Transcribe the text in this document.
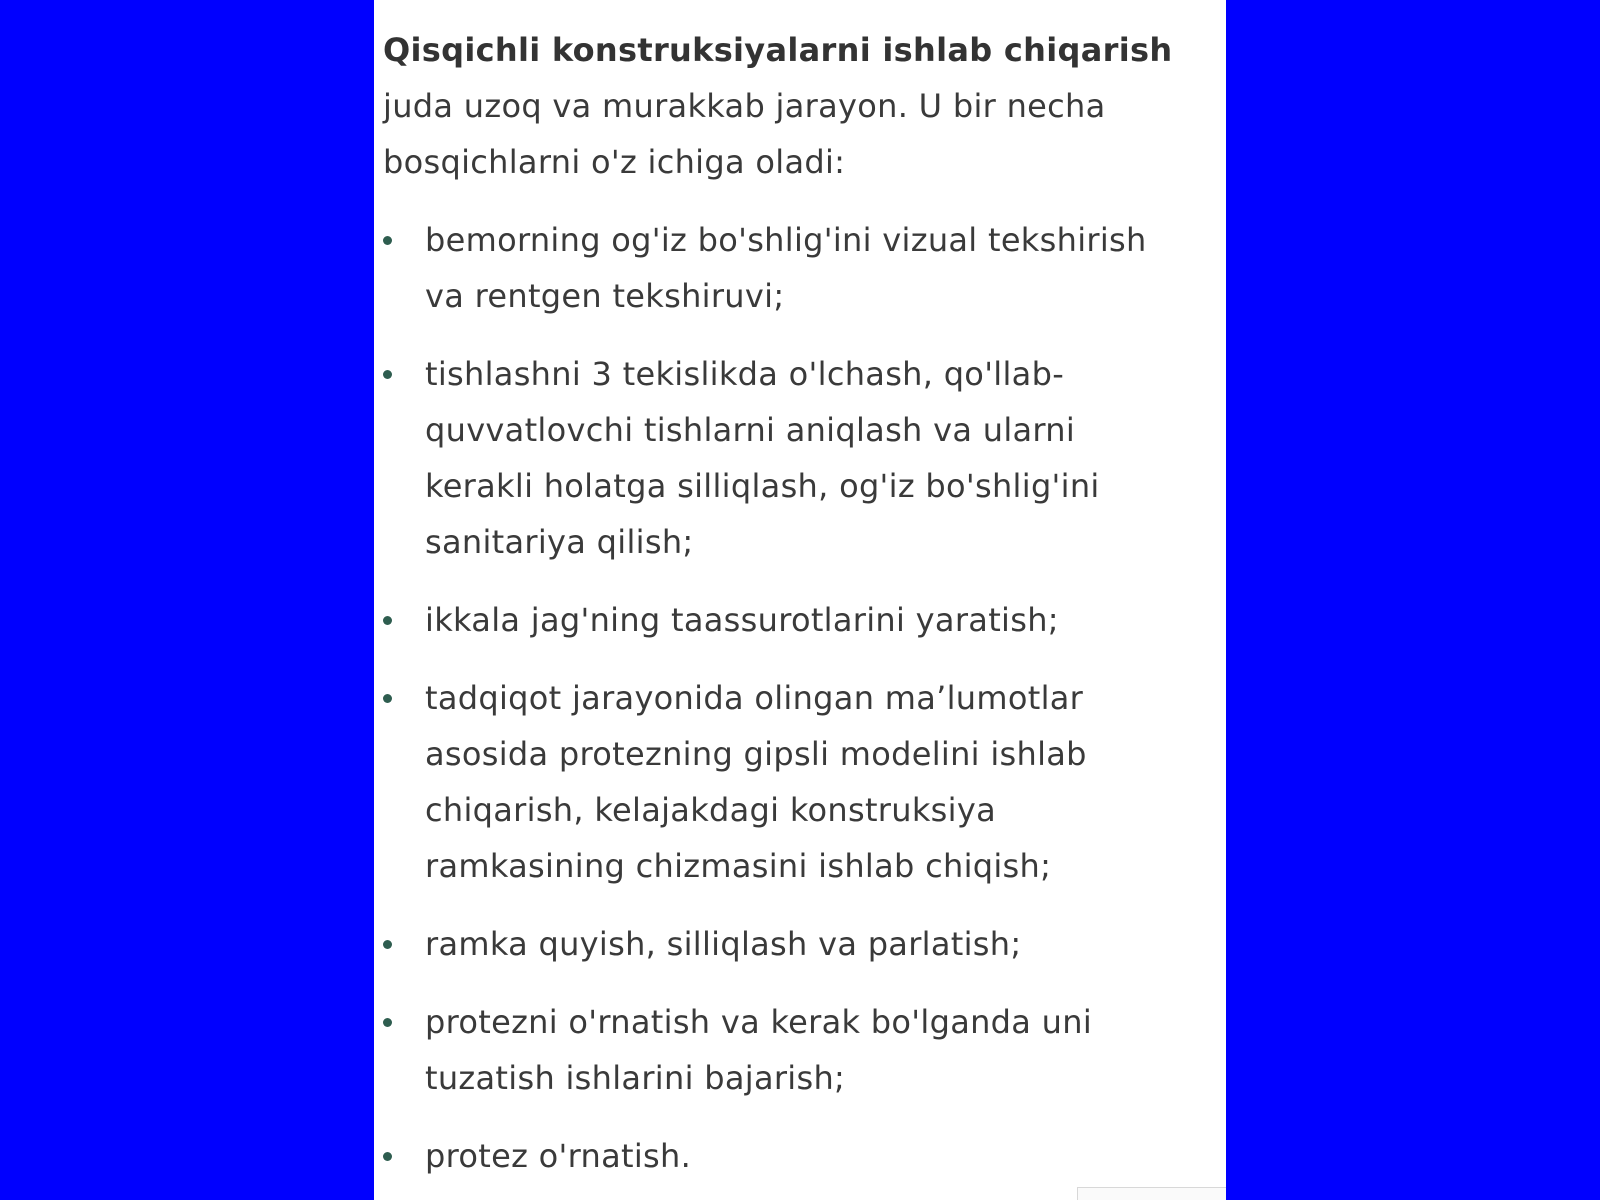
Qisqichli konstruksiyalarni ishlab chiqarish juda uzoq va murakkab jarayon. U bir necha bosqichlarni o'z ichiga oladi:

bemorning og'iz bo'shlig'ini vizual tekshirish va rentgen tekshiruvi;
tishlashni 3 tekislikda o'lchash, qo'llab-quvvatlovchi tishlarni aniqlash va ularni kerakli holatga silliqlash, og'iz bo'shlig'ini sanitariya qilish;
ikkala jag'ning taassurotlarini yaratish;
tadqiqot jarayonida olingan ma’lumotlar asosida protezning gipsli modelini ishlab chiqarish, kelajakdagi konstruksiya ramkasining chizmasini ishlab chiqish;
ramka quyish, silliqlash va parlatish;
protezni o'rnatish va kerak bo'lganda uni tuzatish ishlarini bajarish;
protez o'rnatish.
